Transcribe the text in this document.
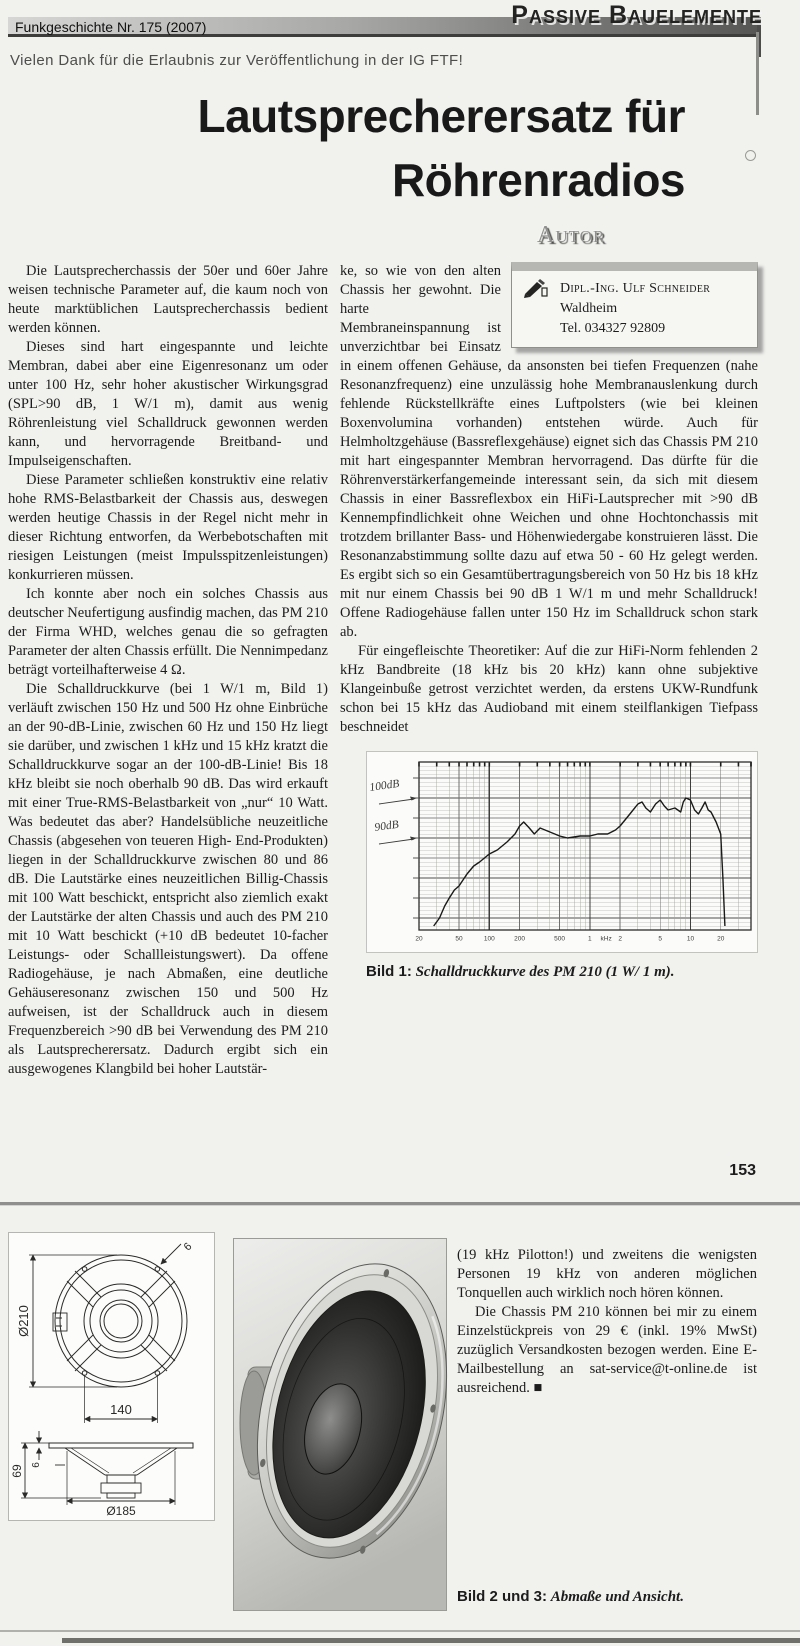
Funkgeschichte Nr. 175 (2007)	Passive Bauelemente
Vielen Dank für die Erlaubnis zur Veröffentlichung in der IG FTF!
Lautsprecherersatz für
Röhrenradios

Die Lautsprecherchassis der 50er und 60er Jahre weisen technische Parameter auf, die kaum noch von heute marktüblichen Lautsprecherchassis bedient werden können.

Dieses sind hart eingespannte und leichte Membran, dabei aber eine Eigenresonanz um oder unter 100 Hz, sehr hoher akustischer Wirkungsgrad (SPL>90 dB, 1 W/1 m), damit aus wenig Röhrenleistung viel Schalldruck gewonnen werden kann, und hervorragende Breitband- und Impulseigenschaften.

Diese Parameter schließen konstruktiv eine relativ hohe RMS-Belastbarkeit der Chassis aus, deswegen werden heutige Chassis in der Regel nicht mehr in dieser Richtung entworfen, da Werbebotschaften mit riesigen Leistungen (meist Impulsspitzenleistungen) konkurrieren müssen.

Ich konnte aber noch ein solches Chassis aus deutscher Neufertigung ausfindig machen, das PM 210 der Firma WHD, welches genau die so gefragten Parameter der alten Chassis erfüllt. Die Nennimpedanz beträgt vorteilhafterweise 4 Ω.

Die Schalldruckkurve (bei 1 W/1 m, Bild 1) verläuft zwischen 150 Hz und 500 Hz ohne Einbrüche an der 90-dB-Linie, zwischen 60 Hz und 150 Hz liegt sie darüber, und zwischen 1 kHz und 15 kHz kratzt die Schalldruckkurve sogar an der 100-dB-Linie! Bis 18 kHz bleibt sie noch oberhalb 90 dB. Das wird erkauft mit einer True-RMS-Belastbarkeit von „nur“ 10 Watt. Was bedeutet das aber? Handelsübliche neuzeitliche Chassis (abgesehen von teueren High- End-Produkten) liegen in der Schalldruckkurve zwischen 80 und 86 dB. Die Lautstärke eines neuzeitlichen Billig-Chassis mit 100 Watt beschickt, entspricht also ziemlich exakt der Lautstärke der alten Chassis und auch des PM 210 mit 10 Watt beschickt (+10 dB bedeutet 10-facher Leistungs- oder Schallleistungswert). Da offene Radiogehäuse, je nach Abmaßen, eine deutliche Gehäuseresonanz zwischen 150 und 500 Hz aufweisen, ist der Schalldruck auch in diesem Frequenzbereich >90 dB bei Verwendung des PM 210 als Lautsprecherersatz. Dadurch ergibt sich ein ausgewogenes Klangbild bei hoher Lautstär-

Autor
Dipl.-Ing. Ulf Schneider
Waldheim
Tel. 034327 92809

ke, so wie von den alten Chassis her gewohnt. Die harte Membraneinspannung ist unverzichtbar bei Einsatz in einem offenen Gehäuse, da ansonsten bei tiefen Frequenzen (nahe Resonanzfrequenz) eine unzulässig hohe Membranauslenkung durch fehlende Rückstellkräfte eines Luftpolsters (wie bei kleinen Boxenvolumina vorhanden) entstehen würde. Auch für Helmholtzgehäuse (Bassreflexgehäuse) eignet sich das Chassis PM 210 mit hart eingespannter Membran hervorragend. Das dürfte für die Röhrenverstärkerfangemeinde interessant sein, da sich mit diesem Chassis in einer Bassreflexbox ein HiFi-Lautsprecher mit >90 dB Kennempfindlichkeit ohne Weichen und ohne Hochtonchassis mit trotzdem brillanter Bass- und Höhenwiedergabe konstruieren lässt. Die Resonanzabstimmung sollte dazu auf etwa 50 - 60 Hz gelegt werden. Es ergibt sich so ein Gesamtübertragungsbereich von 50 Hz bis 18 kHz mit nur einem Chassis bei 90 dB 1 W/1 m und mehr Schalldruck! Offene Radiogehäuse fallen unter 150 Hz im Schalldruck schon stark ab.

Für eingefleischte Theoretiker: Auf die zur HiFi-Norm fehlenden 2 kHz Bandbreite (18 kHz bis 20 kHz) kann ohne subjektive Klangeinbuße getrost verzichtet werden, da erstens UKW-Rundfunk schon bei 15 kHz das Audioband mit einem steilflankigen Tiefpass beschneidet

20	50	100	200	500	1 kHz 2	5	10	20
100dB
90dB

Bild 1: Schalldruckkurve des PM 210 (1 W/ 1 m).

153
Ø210
140
6
69 6
Ø185

(19 kHz Pilotton!) und zweitens die wenigsten Personen 19 kHz von anderen möglichen Tonquellen auch wirklich noch hören können.

Die Chassis PM 210 können bei mir zu einem Einzelstückpreis von 29 € (inkl. 19% MwSt) zuzüglich Versandkosten bezogen werden. Eine E-Mailbestellung an sat-service@t-online.de ist ausreichend. ■

Bild 2 und 3: Abmaße und Ansicht.
